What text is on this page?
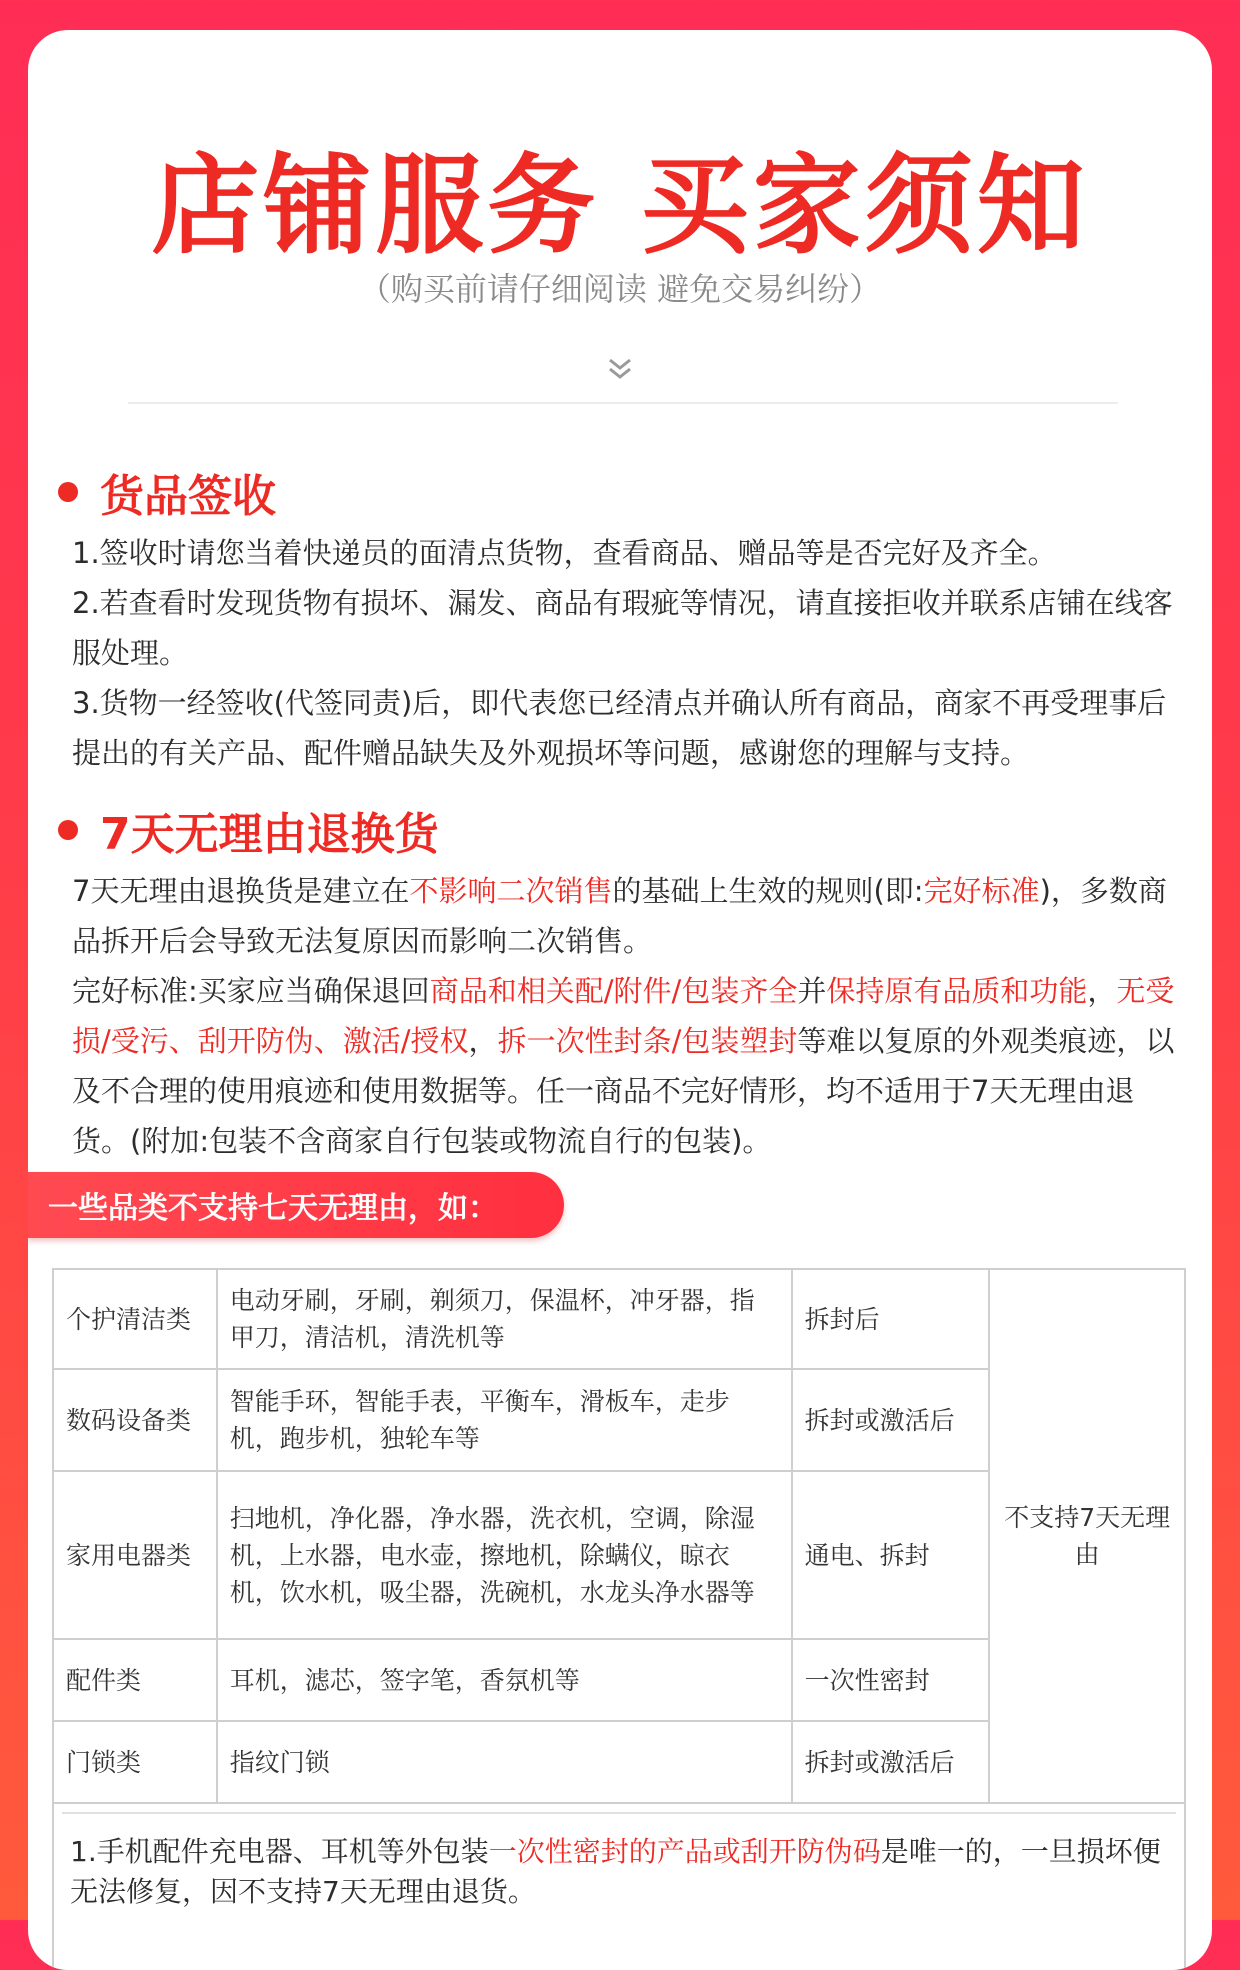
店铺服务 买家须知
（购买前请仔细阅读 避免交易纠纷）
货品签收

1.签收时请您当着快递员的面清点货物，查看商品、赠品等是否完好及齐全。

2.若查看时发现货物有损坏、漏发、商品有瑕疵等情况，请直接拒收并联系店铺在线客服处理。

3.货物一经签收(代签同责)后，即代表您已经清点并确认所有商品，商家不再受理事后提出的有关产品、配件赠品缺失及外观损坏等问题，感谢您的理解与支持。

7天无理由退换货

7天无理由退换货是建立在不影响二次销售的基础上生效的规则(即:完好标准)，多数商品拆开后会导致无法复原因而影响二次销售。

完好标准:买家应当确保退回商品和相关配/附件/包装齐全并保持原有品质和功能，无受损/受污、刮开防伪、激活/授权，拆一次性封条/包装塑封等难以复原的外观类痕迹，以及不合理的使用痕迹和使用数据等。任一商品不完好情形，均不适用于7天无理由退货。(附加:包装不含商家自行包装或物流自行的包装)。

一些品类不支持七天无理由，如：
个护清洁类	电动牙刷，牙刷，剃须刀，保温杯，冲牙器，指甲刀，清洁机，清洗机等	拆封后	不支持7天无理由
数码设备类	智能手环，智能手表，平衡车，滑板车，走步机，跑步机，独轮车等	拆封或激活后	
家用电器类	扫地机，净化器，净水器，洗衣机，空调，除湿机，上水器，电水壶，擦地机，除螨仪，晾衣机，饮水机，吸尘器，洗碗机，水龙头净水器等	通电、拆封	
配件类	耳机，滤芯，签字笔，香氛机等	一次性密封	
门锁类	指纹门锁	拆封或激活后	

1.手机配件充电器、耳机等外包装一次性密封的产品或刮开防伪码是唯一的，一旦损坏便无法修复，因不支持7天无理由退货。
